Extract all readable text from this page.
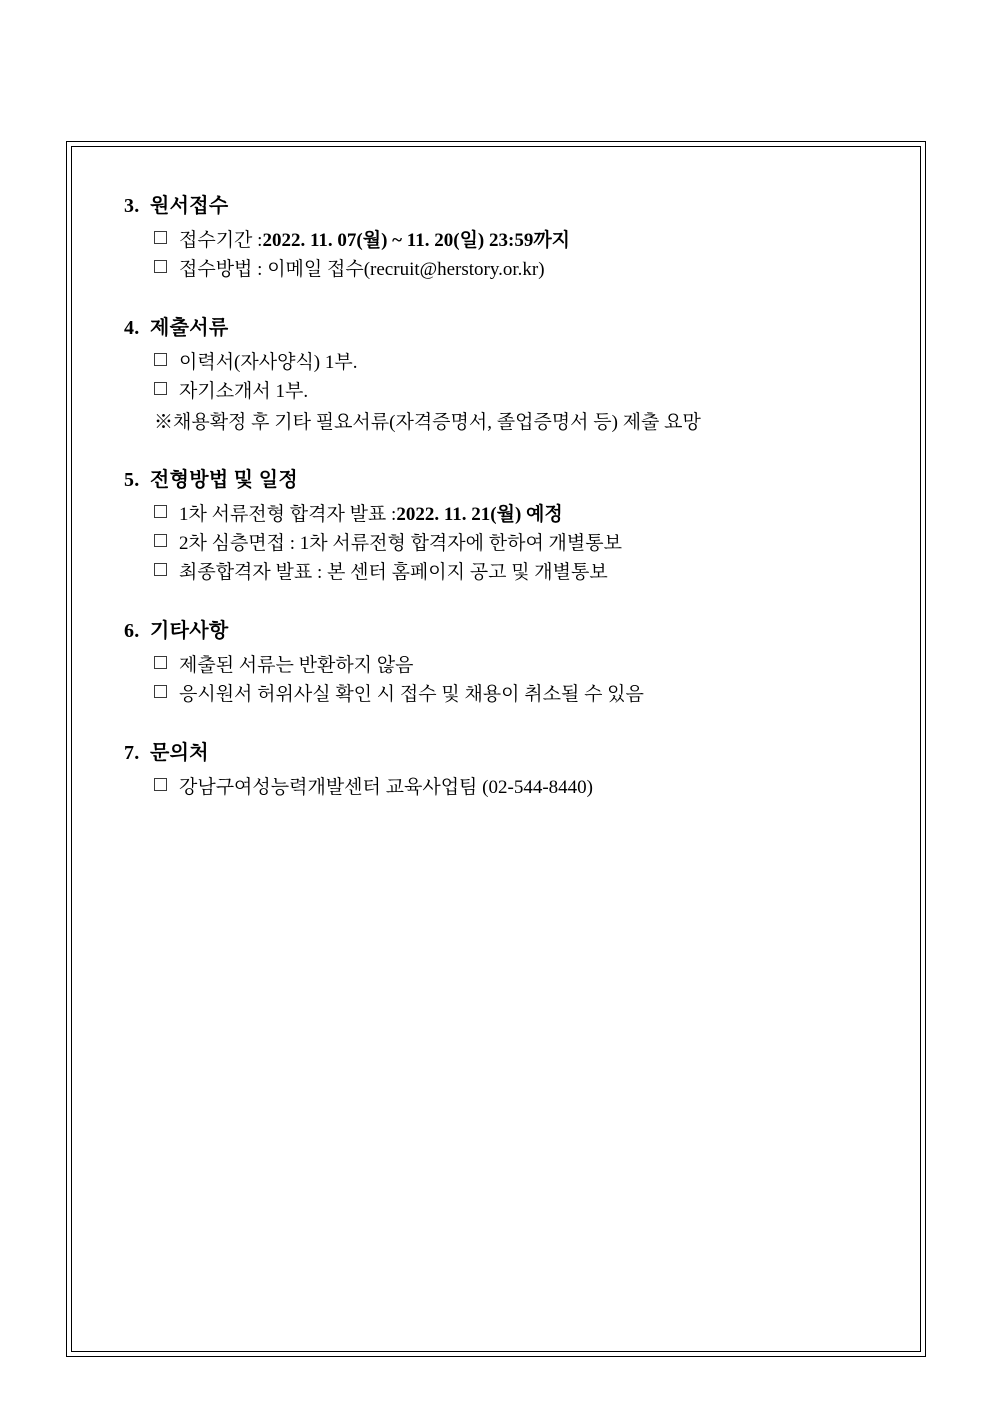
3. 원서접수
접수기간 :2022. 11. 07(월) ~ 11. 20(일) 23:59까지
접수방법 : 이메일 접수(recruit@herstory.or.kr)
4. 제출서류
이력서(자사양식) 1부.
자기소개서 1부.
※채용확정 후 기타 필요서류(자격증명서, 졸업증명서 등) 제출 요망
5. 전형방법 및 일정
1차 서류전형 합격자 발표 :2022. 11. 21(월) 예정
2차 심층면접 : 1차 서류전형 합격자에 한하여 개별통보
최종합격자 발표 : 본 센터 홈페이지 공고 및 개별통보
6. 기타사항
제출된 서류는 반환하지 않음
응시원서 허위사실 확인 시 접수 및 채용이 취소될 수 있음
7. 문의처
강남구여성능력개발센터 교육사업팀 (02-544-8440)
